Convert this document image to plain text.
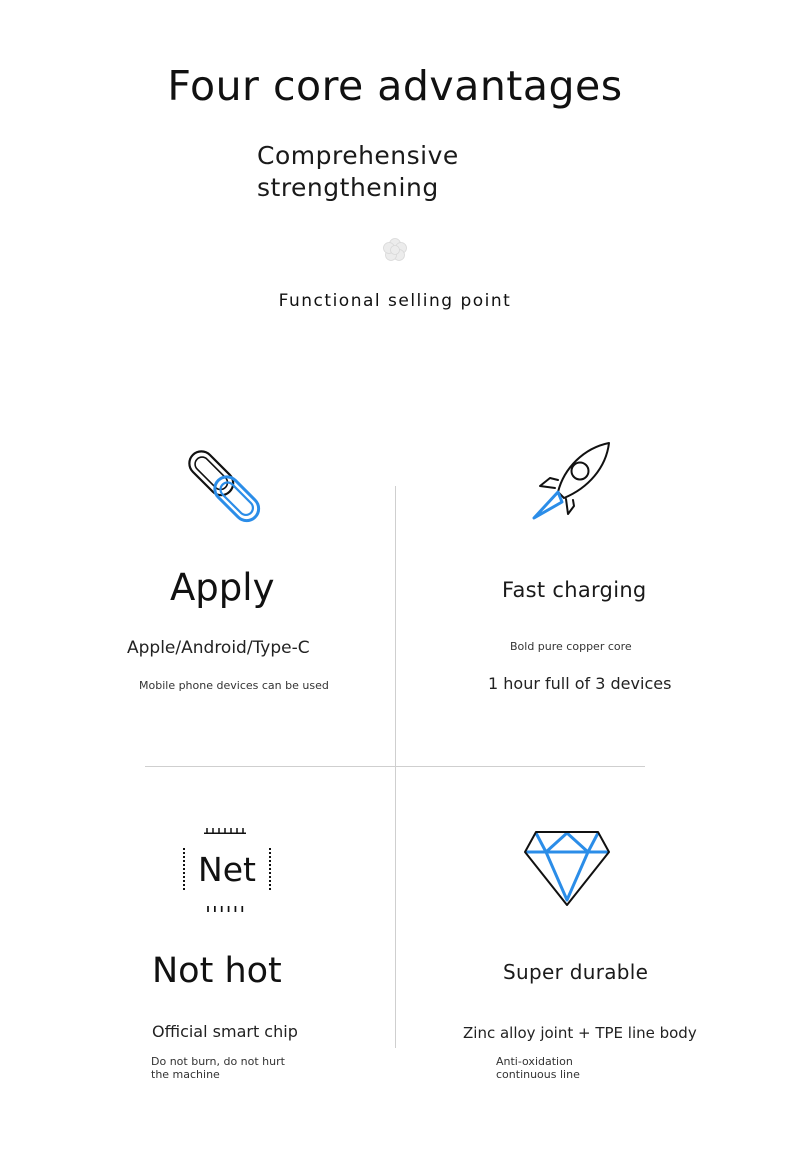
Four core advantages
Comprehensive strengthening
Functional selling point
Apply
Apple/Android/Type-C
Mobile phone devices can be used
Fast charging
Bold pure copper core
1 hour full of 3 devices
Net
Not hot
Official smart chip
Do not burn, do not hurt the machine
Super durable
Zinc alloy joint + TPE line body
Anti-oxidation continuous line
